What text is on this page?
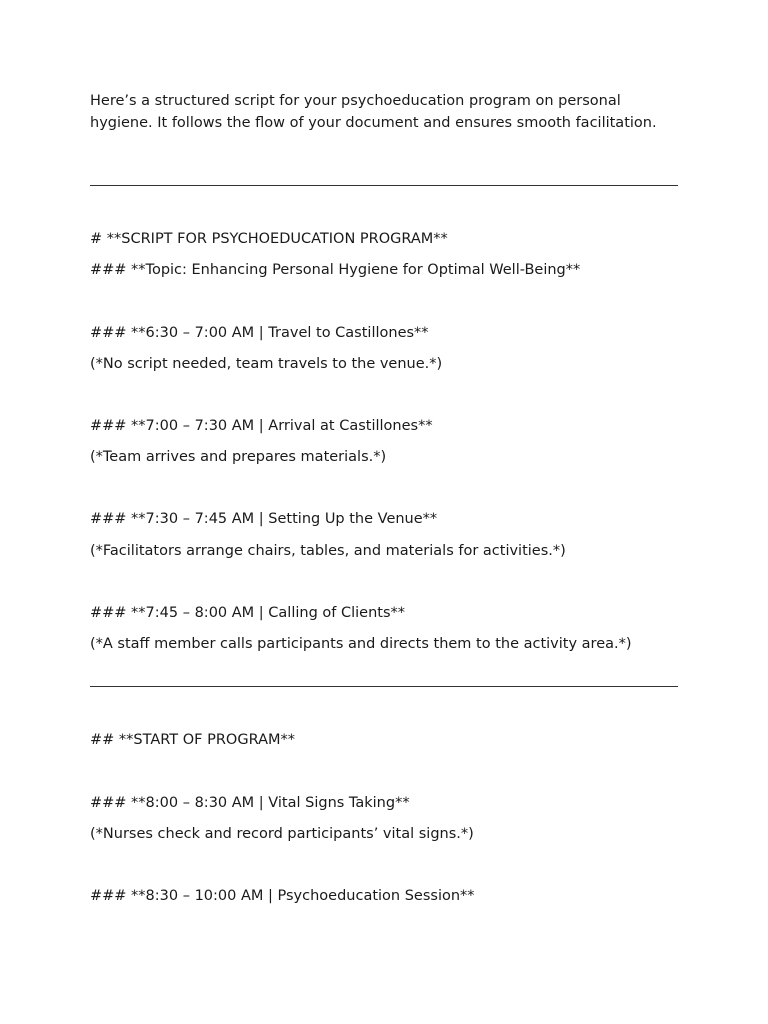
Here’s a structured script for your psychoeducation program on personal hygiene. It follows the flow of your document and ensures smooth facilitation.
# **SCRIPT FOR PSYCHOEDUCATION PROGRAM**
### **Topic: Enhancing Personal Hygiene for Optimal Well-Being**
### **6:30 – 7:00 AM | Travel to Castillones**
(*No script needed, team travels to the venue.*)
### **7:00 – 7:30 AM | Arrival at Castillones**
(*Team arrives and prepares materials.*)
### **7:30 – 7:45 AM | Setting Up the Venue**
(*Facilitators arrange chairs, tables, and materials for activities.*)
### **7:45 – 8:00 AM | Calling of Clients**
(*A staff member calls participants and directs them to the activity area.*)
## **START OF PROGRAM**
### **8:00 – 8:30 AM | Vital Signs Taking**
(*Nurses check and record participants’ vital signs.*)
### **8:30 – 10:00 AM | Psychoeducation Session**
